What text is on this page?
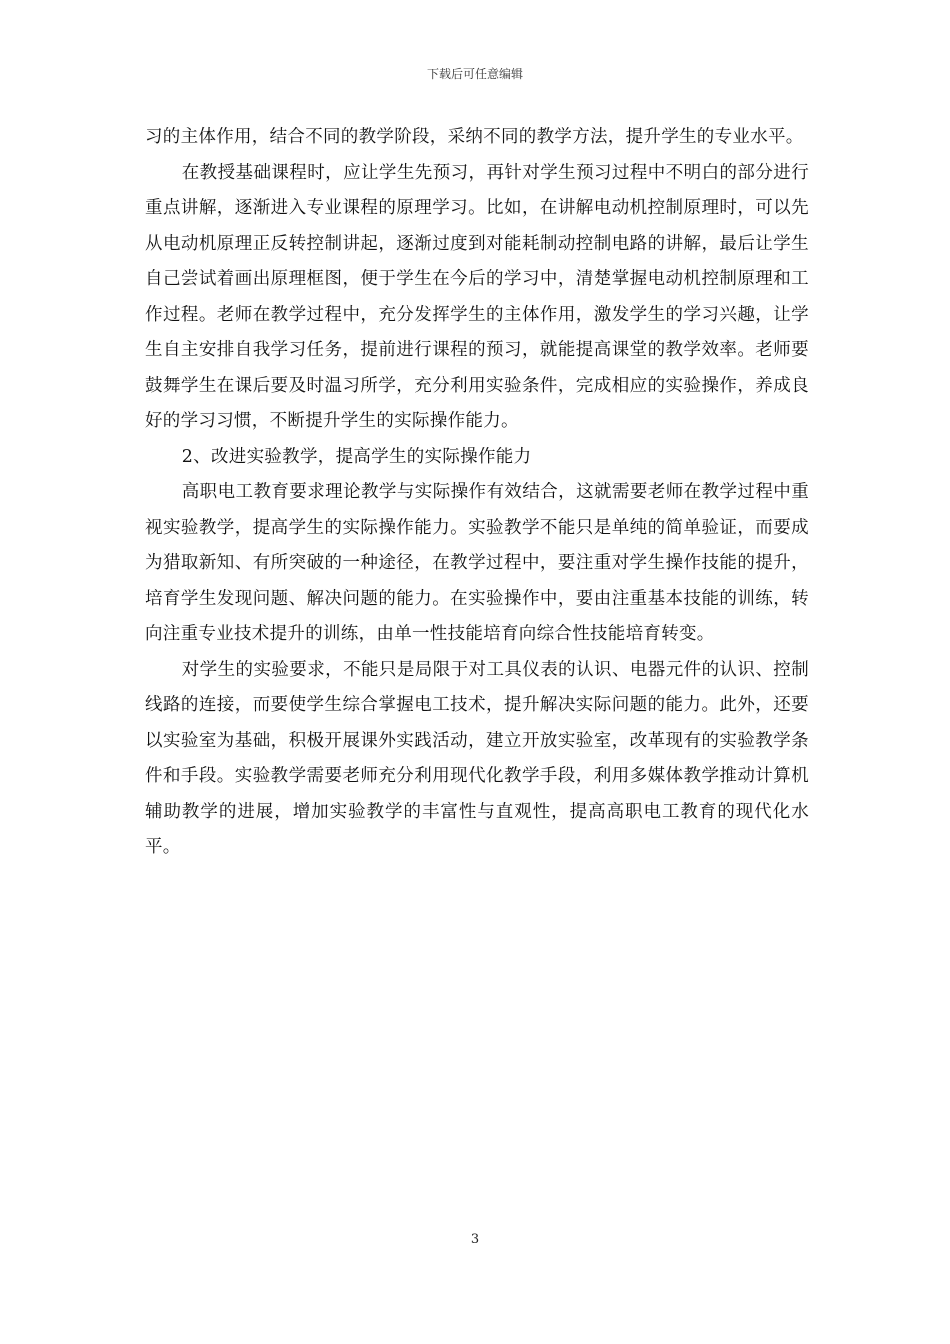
下载后可任意编辑

习的主体作用，结合不同的教学阶段，采纳不同的教学方法，提升学生的专业水平。

在教授基础课程时，应让学生先预习，再针对学生预习过程中不明白的部分进行重点讲解，逐渐进入专业课程的原理学习。比如，在讲解电动机控制原理时，可以先从电动机原理正反转控制讲起，逐渐过度到对能耗制动控制电路的讲解，最后让学生自己尝试着画出原理框图，便于学生在今后的学习中，清楚掌握电动机控制原理和工作过程。老师在教学过程中，充分发挥学生的主体作用，激发学生的学习兴趣，让学生自主安排自我学习任务，提前进行课程的预习，就能提高课堂的教学效率。老师要鼓舞学生在课后要及时温习所学，充分利用实验条件，完成相应的实验操作，养成良好的学习习惯，不断提升学生的实际操作能力。

2、改进实验教学，提高学生的实际操作能力

高职电工教育要求理论教学与实际操作有效结合，这就需要老师在教学过程中重视实验教学，提高学生的实际操作能力。实验教学不能只是单纯的简单验证，而要成为猎取新知、有所突破的一种途径，在教学过程中，要注重对学生操作技能的提升，培育学生发现问题、解决问题的能力。在实验操作中，要由注重基本技能的训练，转向注重专业技术提升的训练，由单一性技能培育向综合性技能培育转变。

对学生的实验要求，不能只是局限于对工具仪表的认识、电器元件的认识、控制线路的连接，而要使学生综合掌握电工技术，提升解决实际问题的能力。此外，还要以实验室为基础，积极开展课外实践活动，建立开放实验室，改革现有的实验教学条件和手段。实验教学需要老师充分利用现代化教学手段，利用多媒体教学推动计算机辅助教学的进展，增加实验教学的丰富性与直观性，提高高职电工教育的现代化水平。

3
